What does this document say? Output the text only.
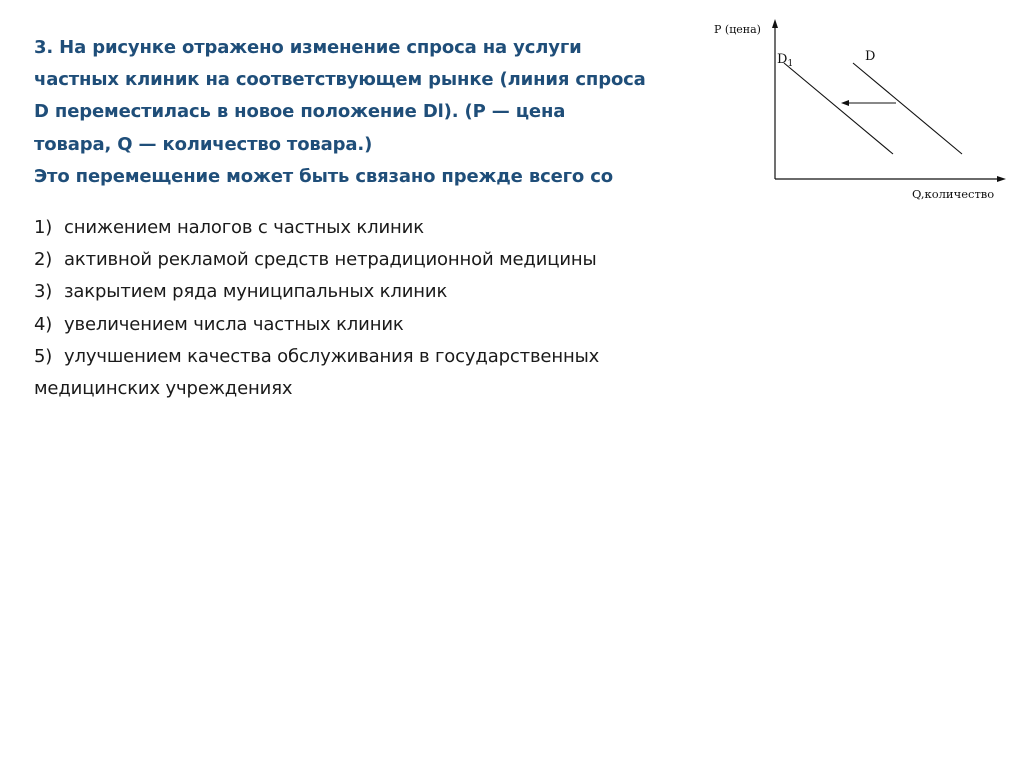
3. На рисунке отражено изменение спроса на услуги
частных клиник на соответствующем рынке (линия спроса
D переместилась в новое положение Dl). (P — цена
товара, Q — количество товара.)
Это перемещение может быть связано прежде всего со

1) снижением налогов с частных клиник
2) активной рекламой средств нетрадиционной медицины
3) закрытием ряда муниципальных клиник
4) увеличением числа частных клиник
5) улучшением качества обслуживания в государственных
медицинских учреждениях
P (цена)
Q,количество
$D_1$	D
